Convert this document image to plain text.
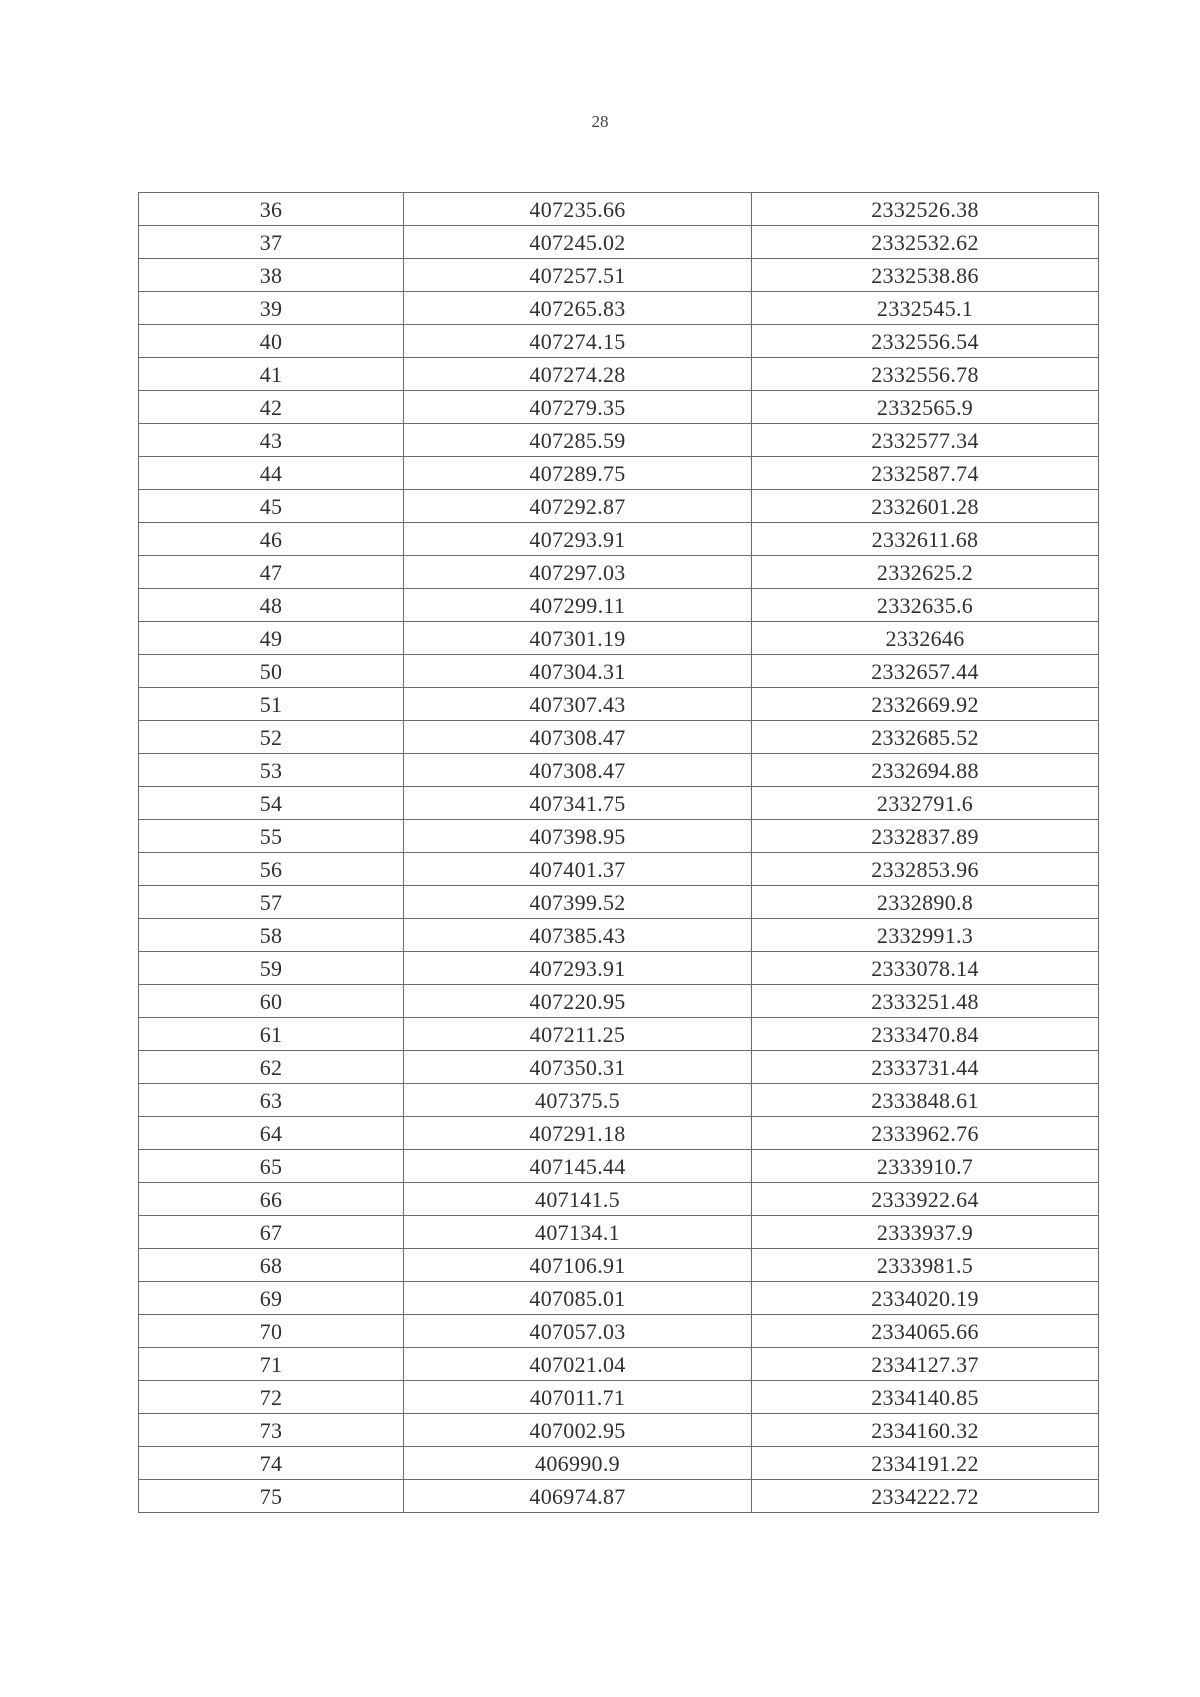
28
36	407235.66	2332526.38
37	407245.02	2332532.62
38	407257.51	2332538.86
39	407265.83	2332545.1
40	407274.15	2332556.54
41	407274.28	2332556.78
42	407279.35	2332565.9
43	407285.59	2332577.34
44	407289.75	2332587.74
45	407292.87	2332601.28
46	407293.91	2332611.68
47	407297.03	2332625.2
48	407299.11	2332635.6
49	407301.19	2332646
50	407304.31	2332657.44
51	407307.43	2332669.92
52	407308.47	2332685.52
53	407308.47	2332694.88
54	407341.75	2332791.6
55	407398.95	2332837.89
56	407401.37	2332853.96
57	407399.52	2332890.8
58	407385.43	2332991.3
59	407293.91	2333078.14
60	407220.95	2333251.48
61	407211.25	2333470.84
62	407350.31	2333731.44
63	407375.5	2333848.61
64	407291.18	2333962.76
65	407145.44	2333910.7
66	407141.5	2333922.64
67	407134.1	2333937.9
68	407106.91	2333981.5
69	407085.01	2334020.19
70	407057.03	2334065.66
71	407021.04	2334127.37
72	407011.71	2334140.85
73	407002.95	2334160.32
74	406990.9	2334191.22
75	406974.87	2334222.72
